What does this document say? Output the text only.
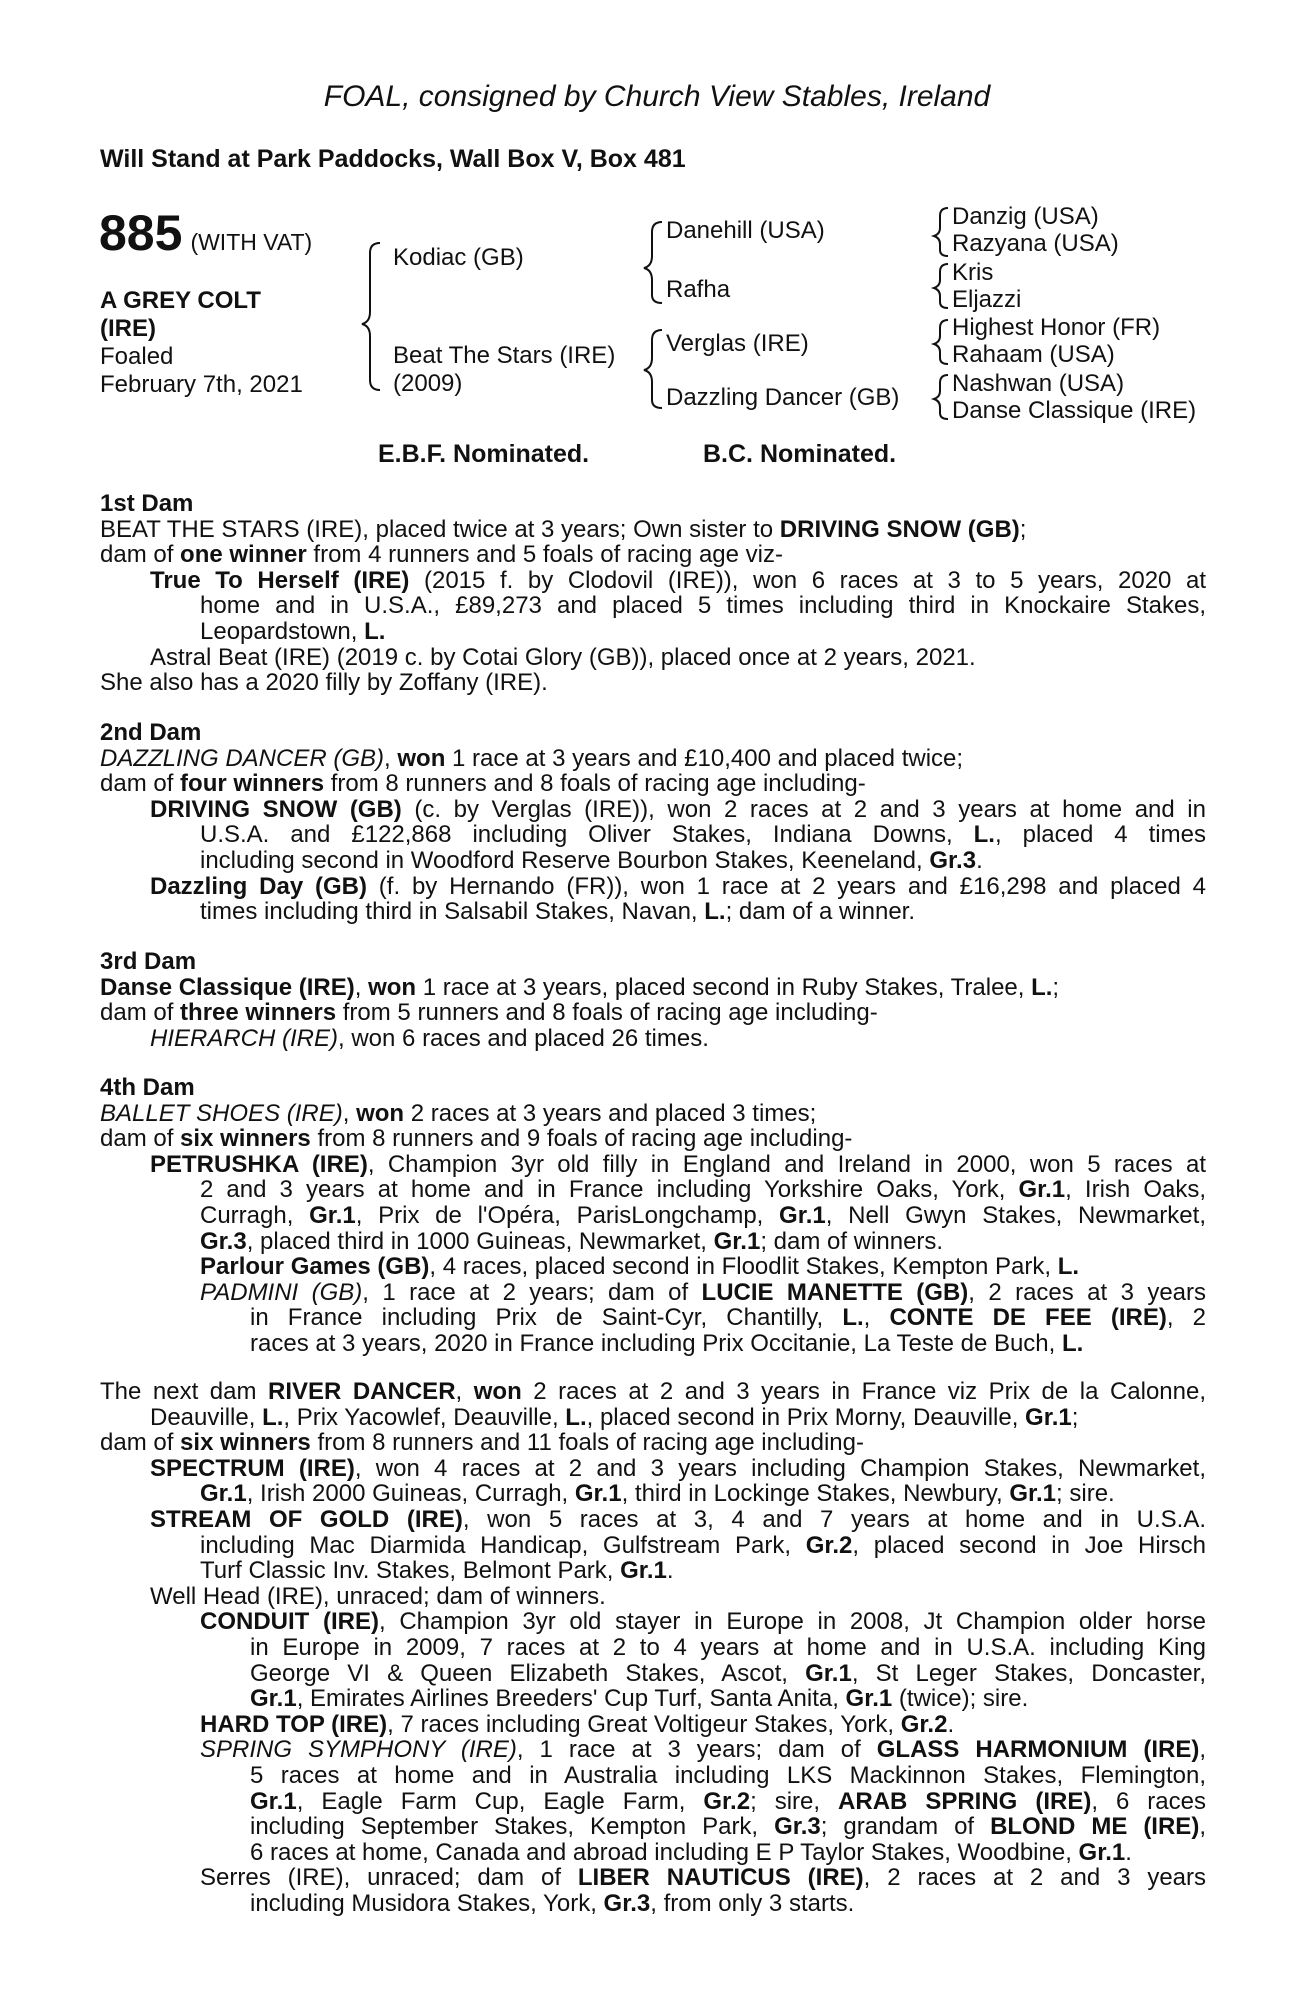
FOAL, consigned by Church View Stables, Ireland
Will Stand at Park Paddocks, Wall Box V, Box 481
885 (WITH VAT)
A GREY COLT
(IRE)
Foaled
February 7th, 2021
Kodiac (GB)
Beat The Stars (IRE)
(2009)
Danehill (USA)
Rafha
Verglas (IRE)
Dazzling Dancer (GB)
Danzig (USA)
Razyana (USA)
Kris
Eljazzi
Highest Honor (FR)
Rahaam (USA)
Nashwan (USA)
Danse Classique (IRE)
E.B.F. Nominated.	B.C. Nominated.
1st Dam
BEAT THE STARS (IRE), placed twice at 3 years; Own sister to DRIVING SNOW (GB);
dam of one winner from 4 runners and 5 foals of racing age viz-
True To Herself (IRE) (2015 f. by Clodovil (IRE)), won 6 races at 3 to 5 years, 2020 at
home and in U.S.A., £89,273 and placed 5 times including third in Knockaire Stakes,
Leopardstown, L.
Astral Beat (IRE) (2019 c. by Cotai Glory (GB)), placed once at 2 years, 2021.
She also has a 2020 filly by Zoffany (IRE).
2nd Dam
DAZZLING DANCER (GB), won 1 race at 3 years and £10,400 and placed twice;
dam of four winners from 8 runners and 8 foals of racing age including-
DRIVING SNOW (GB) (c. by Verglas (IRE)), won 2 races at 2 and 3 years at home and in
U.S.A. and £122,868 including Oliver Stakes, Indiana Downs, L., placed 4 times
including second in Woodford Reserve Bourbon Stakes, Keeneland, Gr.3.
Dazzling Day (GB) (f. by Hernando (FR)), won 1 race at 2 years and £16,298 and placed 4
times including third in Salsabil Stakes, Navan, L.; dam of a winner.
3rd Dam
Danse Classique (IRE), won 1 race at 3 years, placed second in Ruby Stakes, Tralee, L.;
dam of three winners from 5 runners and 8 foals of racing age including-
HIERARCH (IRE), won 6 races and placed 26 times.
4th Dam
BALLET SHOES (IRE), won 2 races at 3 years and placed 3 times;
dam of six winners from 8 runners and 9 foals of racing age including-
PETRUSHKA (IRE), Champion 3yr old filly in England and Ireland in 2000, won 5 races at
2 and 3 years at home and in France including Yorkshire Oaks, York, Gr.1, Irish Oaks,
Curragh, Gr.1, Prix de l'Opéra, ParisLongchamp, Gr.1, Nell Gwyn Stakes, Newmarket,
Gr.3, placed third in 1000 Guineas, Newmarket, Gr.1; dam of winners.
Parlour Games (GB), 4 races, placed second in Floodlit Stakes, Kempton Park, L.
PADMINI (GB), 1 race at 2 years; dam of LUCIE MANETTE (GB), 2 races at 3 years
in France including Prix de Saint-Cyr, Chantilly, L., CONTE DE FEE (IRE), 2
races at 3 years, 2020 in France including Prix Occitanie, La Teste de Buch, L.
The next dam RIVER DANCER, won 2 races at 2 and 3 years in France viz Prix de la Calonne,
Deauville, L., Prix Yacowlef, Deauville, L., placed second in Prix Morny, Deauville, Gr.1;
dam of six winners from 8 runners and 11 foals of racing age including-
SPECTRUM (IRE), won 4 races at 2 and 3 years including Champion Stakes, Newmarket,
Gr.1, Irish 2000 Guineas, Curragh, Gr.1, third in Lockinge Stakes, Newbury, Gr.1; sire.
STREAM OF GOLD (IRE), won 5 races at 3, 4 and 7 years at home and in U.S.A.
including Mac Diarmida Handicap, Gulfstream Park, Gr.2, placed second in Joe Hirsch
Turf Classic Inv. Stakes, Belmont Park, Gr.1.
Well Head (IRE), unraced; dam of winners.
CONDUIT (IRE), Champion 3yr old stayer in Europe in 2008, Jt Champion older horse
in Europe in 2009, 7 races at 2 to 4 years at home and in U.S.A. including King
George VI & Queen Elizabeth Stakes, Ascot, Gr.1, St Leger Stakes, Doncaster,
Gr.1, Emirates Airlines Breeders' Cup Turf, Santa Anita, Gr.1 (twice); sire.
HARD TOP (IRE), 7 races including Great Voltigeur Stakes, York, Gr.2.
SPRING SYMPHONY (IRE), 1 race at 3 years; dam of GLASS HARMONIUM (IRE),
5 races at home and in Australia including LKS Mackinnon Stakes, Flemington,
Gr.1, Eagle Farm Cup, Eagle Farm, Gr.2; sire, ARAB SPRING (IRE), 6 races
including September Stakes, Kempton Park, Gr.3; grandam of BLOND ME (IRE),
6 races at home, Canada and abroad including E P Taylor Stakes, Woodbine, Gr.1.
Serres (IRE), unraced; dam of LIBER NAUTICUS (IRE), 2 races at 2 and 3 years
including Musidora Stakes, York, Gr.3, from only 3 starts.
